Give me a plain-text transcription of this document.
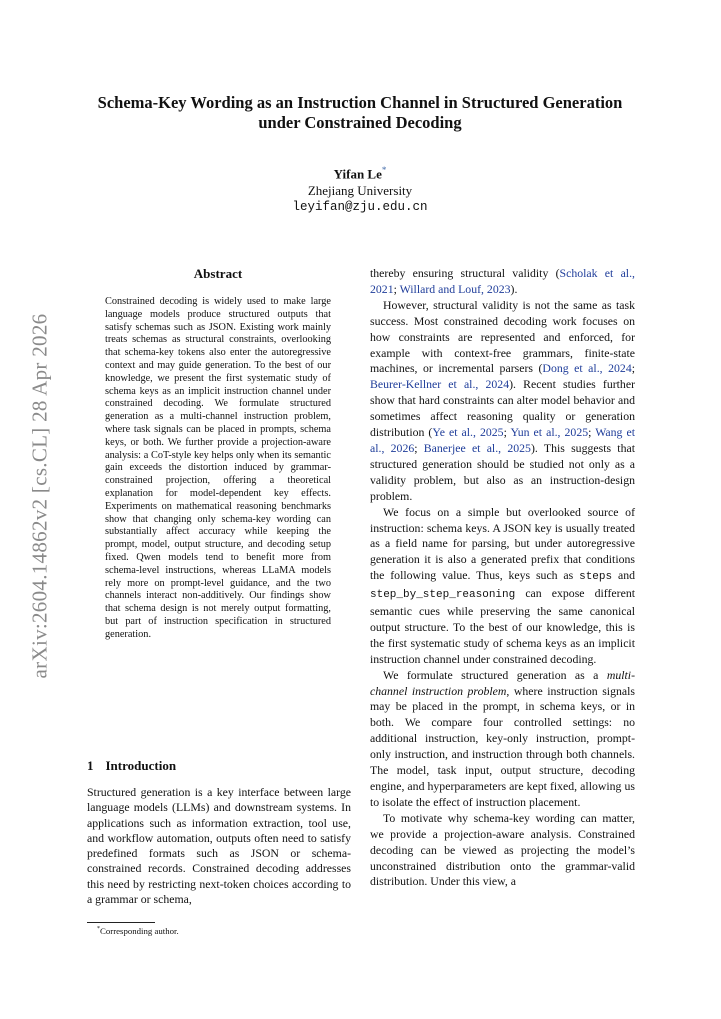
arXiv:2604.14862v2 [cs.CL] 28 Apr 2026
Schema-Key Wording as an Instruction Channel in Structured Generation
under Constrained Decoding
Yifan Le*
Zhejiang University
leyifan@zju.edu.cn
Abstract
Constrained decoding is widely used to make large language models produce structured outputs that satisfy schemas such as JSON. Existing work mainly treats schemas as structural constraints, overlooking that schema-key tokens also enter the autoregressive context and may guide generation. To the best of our knowledge, we present the first systematic study of schema keys as an implicit instruction channel under constrained decoding. We formulate structured generation as a multi-channel instruction problem, where task signals can be placed in prompts, schema keys, or both. We further provide a projection-aware analysis: a CoT-style key helps only when its semantic gain exceeds the distortion induced by grammar-constrained projection, offering a theoretical explanation for model-dependent key effects. Experiments on mathematical reasoning benchmarks show that changing only schema-key wording can substantially affect accuracy while keeping the prompt, model, output structure, and decoding setup fixed. Qwen models tend to benefit more from schema-level instructions, whereas LLaMA models rely more on prompt-level guidance, and the two channels interact non-additively. Our findings show that schema design is not merely output formatting, but part of instruction specification in structured generation.
1 Introduction
Structured generation is a key interface between large language models (LLMs) and downstream systems. In applications such as information extraction, tool use, and workflow automation, outputs often need to satisfy predefined formats such as JSON or schema-constrained records. Constrained decoding addresses this need by restricting next-token choices according to a grammar or schema,
*Corresponding author.

thereby ensuring structural validity (Scholak et al., 2021; Willard and Louf, 2023).

However, structural validity is not the same as task success. Most constrained decoding work focuses on how constraints are represented and enforced, for example with context-free grammars, finite-state machines, or incremental parsers (Dong et al., 2024; Beurer-Kellner et al., 2024). Recent studies further show that hard constraints can alter model behavior and sometimes affect reasoning quality or generation distribution (Ye et al., 2025; Yun et al., 2025; Wang et al., 2026; Banerjee et al., 2025). This suggests that structured generation should be studied not only as a validity problem, but also as an instruction-design problem.

We focus on a simple but overlooked source of instruction: schema keys. A JSON key is usually treated as a field name for parsing, but under autoregressive generation it is also a generated prefix that conditions the following value. Thus, keys such as steps and step_by_step_reasoning can expose different semantic cues while preserving the same canonical output structure. To the best of our knowledge, this is the first systematic study of schema keys as an implicit instruction channel under constrained decoding.

We formulate structured generation as a multi-channel instruction problem, where instruction signals may be placed in the prompt, in schema keys, or in both. We compare four controlled settings: no additional instruction, key-only instruction, prompt-only instruction, and instruction through both channels. The model, task input, output structure, decoding engine, and hyperparameters are kept fixed, allowing us to isolate the effect of instruction placement.

To motivate why schema-key wording can matter, we provide a projection-aware analysis. Constrained decoding can be viewed as projecting the model’s unconstrained distribution onto the grammar-valid distribution. Under this view, a
